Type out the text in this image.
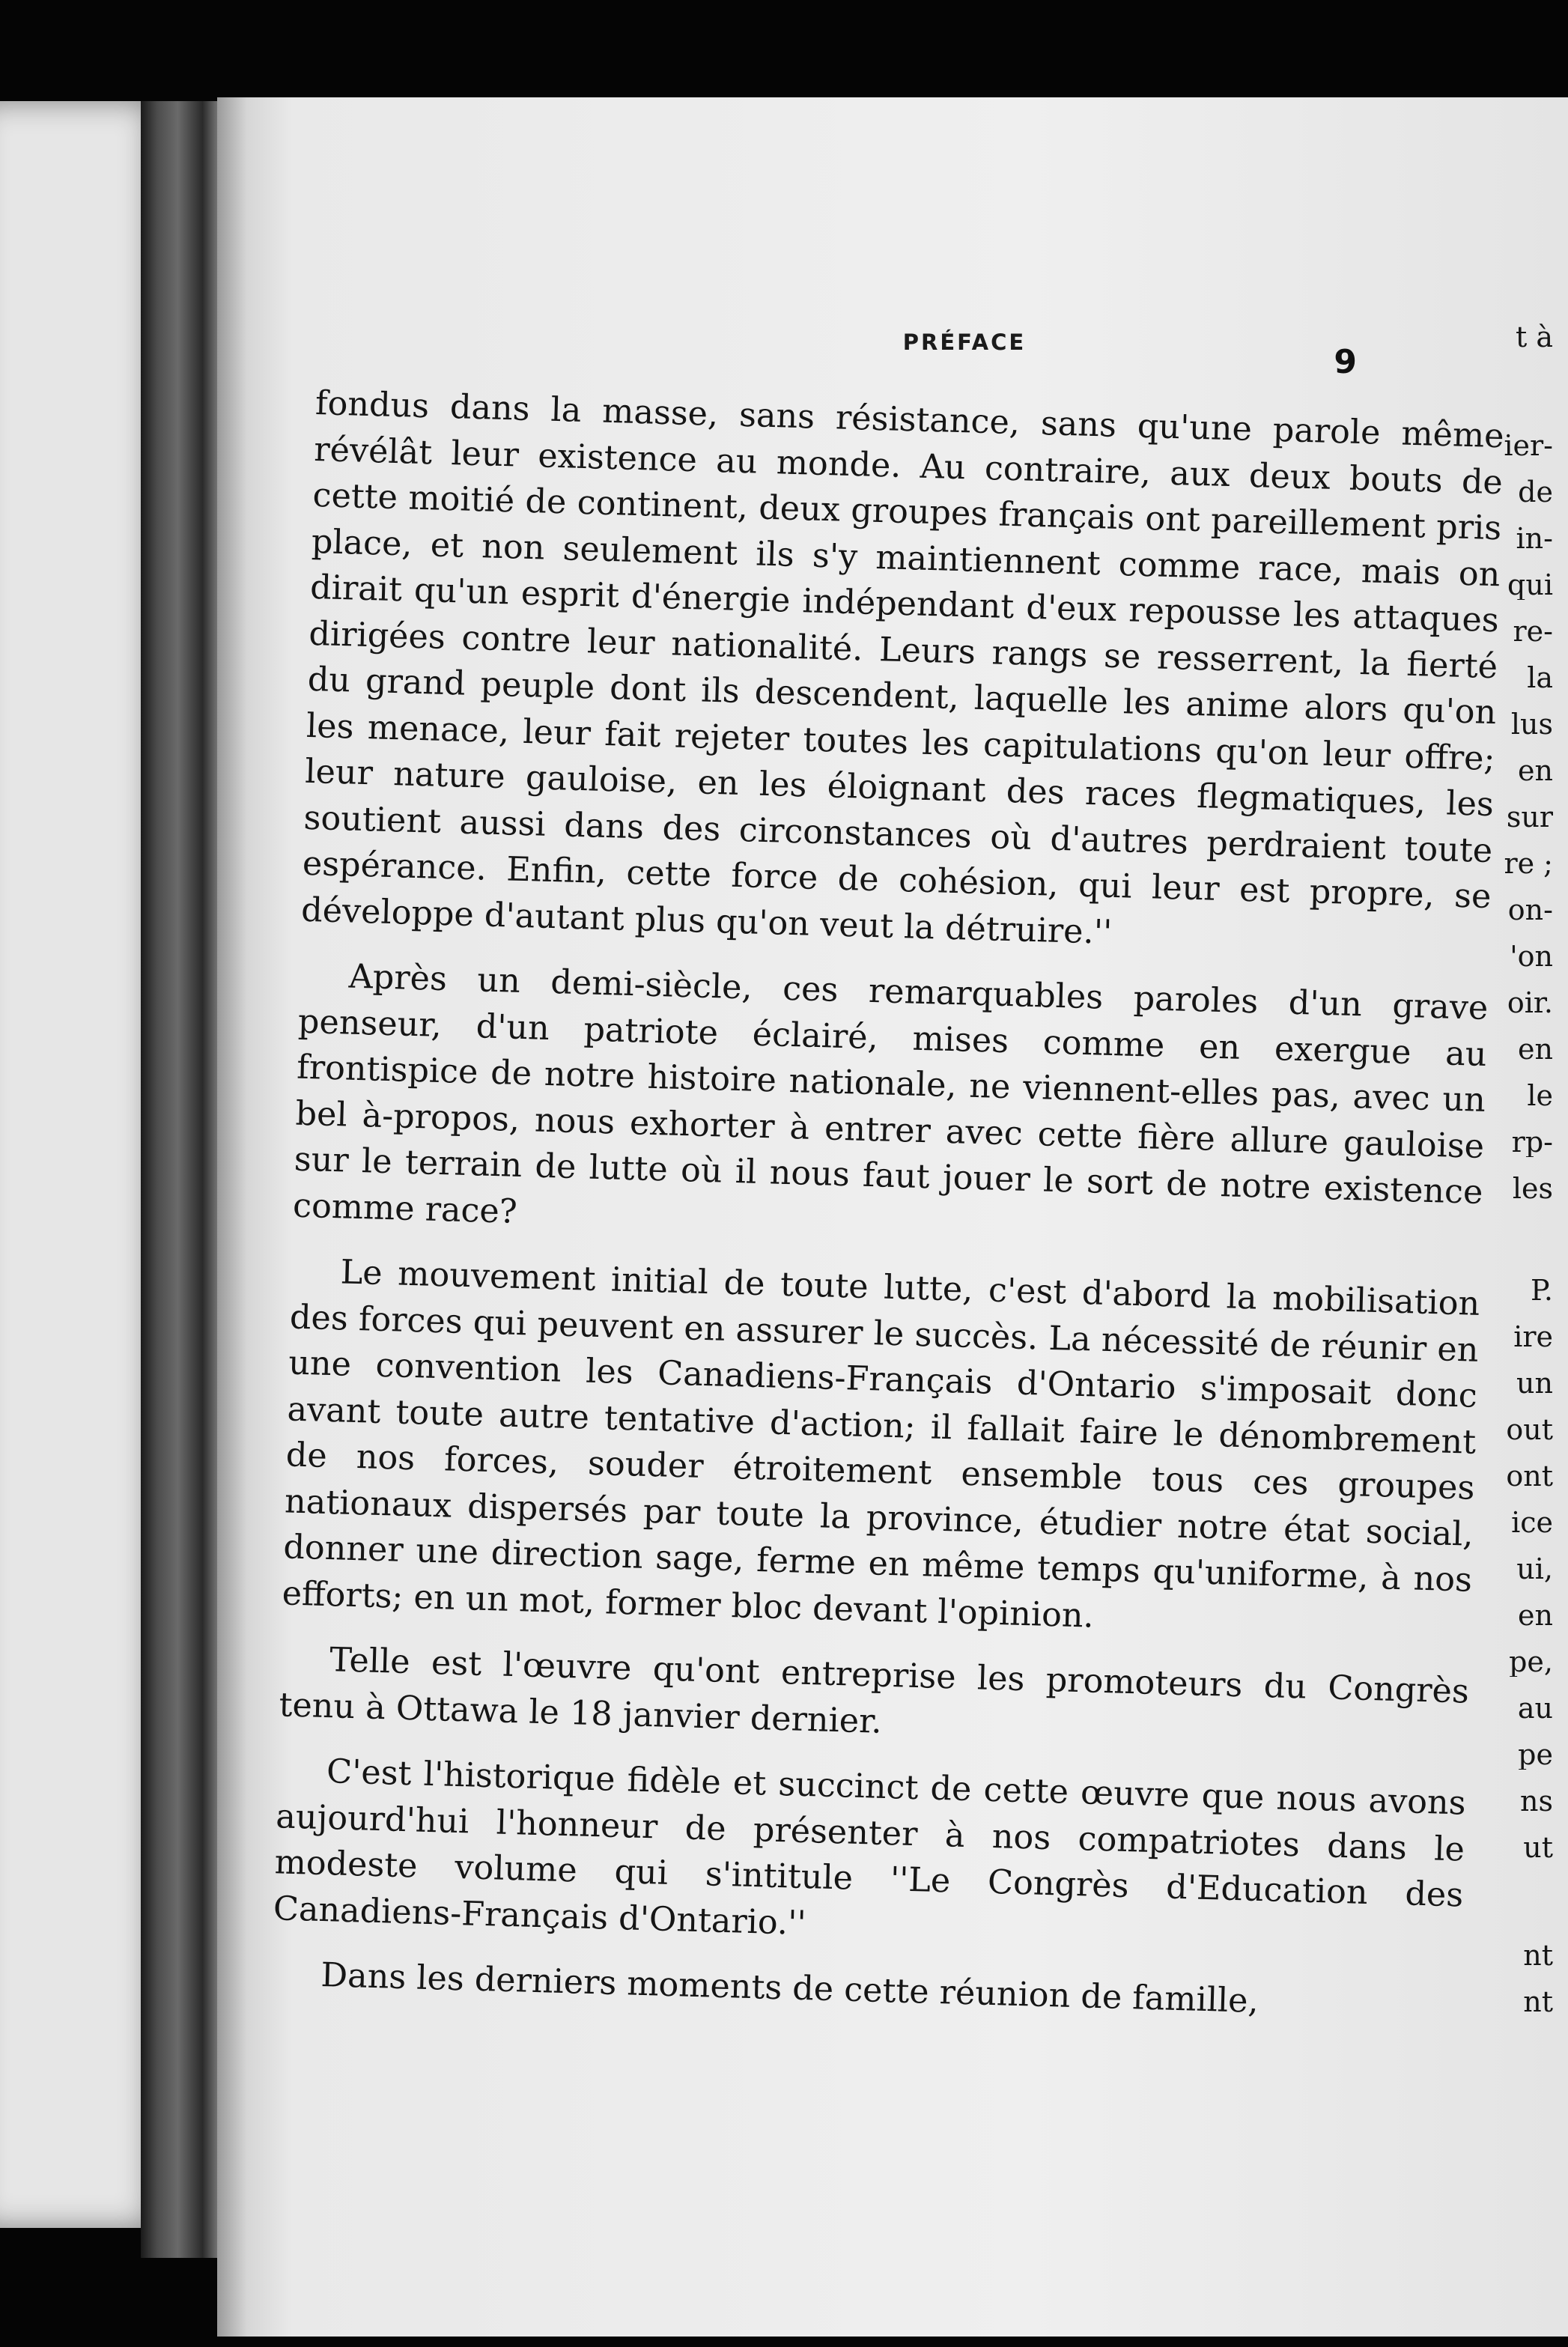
PRÉFACE
9

fondus dans la masse, sans résistance, sans qu'une parole même révélât leur existence au monde. Au contraire, aux deux bouts de cette moitié de continent, deux groupes français ont pareillement pris place, et non seulement ils s'y maintiennent comme race, mais on dirait qu'un esprit d'énergie indépendant d'eux repousse les attaques dirigées contre leur nationalité. Leurs rangs se resserrent, la fierté du grand peuple dont ils descendent, laquelle les anime alors qu'on les menace, leur fait rejeter toutes les capitulations qu'on leur offre; leur nature gauloise, en les éloignant des races flegmatiques, les soutient aussi dans des circonstances où d'autres perdraient toute espérance. Enfin, cette force de cohésion, qui leur est propre, se développe d'autant plus qu'on veut la détruire.''

Après un demi-siècle, ces remarquables paroles d'un grave penseur, d'un patriote éclairé, mises comme en exergue au frontispice de notre histoire nationale, ne viennent-elles pas, avec un bel à-propos, nous exhorter à entrer avec cette fière allure gauloise sur le terrain de lutte où il nous faut jouer le sort de notre existence comme race?

Le mouvement initial de toute lutte, c'est d'abord la mobilisation des forces qui peuvent en assurer le succès. La nécessité de réunir en une convention les Canadiens-Français d'Ontario s'imposait donc avant toute autre tentative d'action; il fallait faire le dénombrement de nos forces, souder étroitement ensemble tous ces groupes nationaux dispersés par toute la province, étudier notre état social, donner une direction sage, ferme en même temps qu'uniforme, à nos efforts; en un mot, former bloc devant l'opinion.

Telle est l'œuvre qu'ont entreprise les promoteurs du Congrès tenu à Ottawa le 18 janvier dernier.

C'est l'historique fidèle et succinct de cette œuvre que nous avons aujourd'hui l'honneur de présenter à nos compatriotes dans le modeste volume qui s'intitule ''Le Congrès d'Education des Canadiens-Français d'Ontario.''

Dans les derniers moments de cette réunion de famille,

t à
ier-
de
in-
qui
re-
la
lus
en
sur
re ;
on-
'on
oir.
en
le
rp-
les
P.
ire
un
out
ont
ice
ui,
en
pe,
au
pe
ns
ut
nt
nt
